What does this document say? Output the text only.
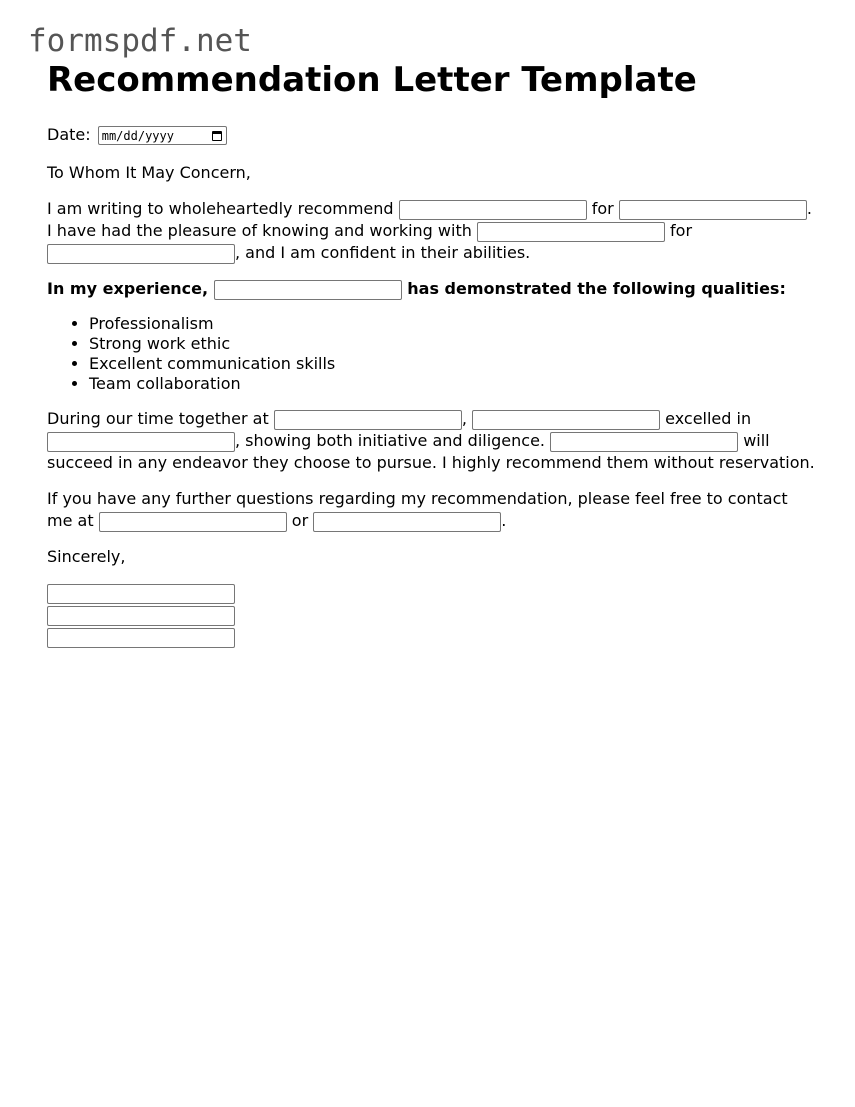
formspdf.net
Recommendation Letter Template

Date: mm/dd/yyyy

To Whom It May Concern,

I am writing to wholeheartedly recommend	for	. I have had the pleasure of knowing and working with	for , and I am confident in their abilities.

In my experience,	has demonstrated the following qualities:

• Professionalism
• Strong work ethic
• Excellent communication skills
• Team collaboration

During our time together at	,	excelled in , showing both initiative and diligence.	will succeed in any endeavor they choose to pursue. I highly recommend them without reservation.

If you have any further questions regarding my recommendation, please feel free to contact me at	or	.

Sincerely,
